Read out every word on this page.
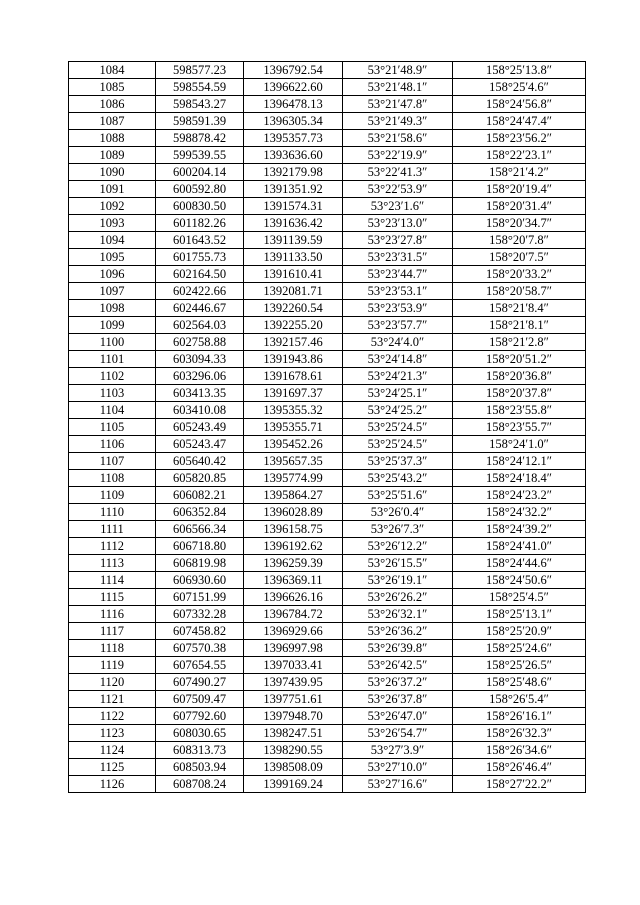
1084	598577.23	1396792.54	53°21′48.9″	158°25′13.8″
1085	598554.59	1396622.60	53°21′48.1″	158°25′4.6″
1086	598543.27	1396478.13	53°21′47.8″	158°24′56.8″
1087	598591.39	1396305.34	53°21′49.3″	158°24′47.4″
1088	598878.42	1395357.73	53°21′58.6″	158°23′56.2″
1089	599539.55	1393636.60	53°22′19.9″	158°22′23.1″
1090	600204.14	1392179.98	53°22′41.3″	158°21′4.2″
1091	600592.80	1391351.92	53°22′53.9″	158°20′19.4″
1092	600830.50	1391574.31	53°23′1.6″	158°20′31.4″
1093	601182.26	1391636.42	53°23′13.0″	158°20′34.7″
1094	601643.52	1391139.59	53°23′27.8″	158°20′7.8″
1095	601755.73	1391133.50	53°23′31.5″	158°20′7.5″
1096	602164.50	1391610.41	53°23′44.7″	158°20′33.2″
1097	602422.66	1392081.71	53°23′53.1″	158°20′58.7″
1098	602446.67	1392260.54	53°23′53.9″	158°21′8.4″
1099	602564.03	1392255.20	53°23′57.7″	158°21′8.1″
1100	602758.88	1392157.46	53°24′4.0″	158°21′2.8″
1101	603094.33	1391943.86	53°24′14.8″	158°20′51.2″
1102	603296.06	1391678.61	53°24′21.3″	158°20′36.8″
1103	603413.35	1391697.37	53°24′25.1″	158°20′37.8″
1104	603410.08	1395355.32	53°24′25.2″	158°23′55.8″
1105	605243.49	1395355.71	53°25′24.5″	158°23′55.7″
1106	605243.47	1395452.26	53°25′24.5″	158°24′1.0″
1107	605640.42	1395657.35	53°25′37.3″	158°24′12.1″
1108	605820.85	1395774.99	53°25′43.2″	158°24′18.4″
1109	606082.21	1395864.27	53°25′51.6″	158°24′23.2″
1110	606352.84	1396028.89	53°26′0.4″	158°24′32.2″
1111	606566.34	1396158.75	53°26′7.3″	158°24′39.2″
1112	606718.80	1396192.62	53°26′12.2″	158°24′41.0″
1113	606819.98	1396259.39	53°26′15.5″	158°24′44.6″
1114	606930.60	1396369.11	53°26′19.1″	158°24′50.6″
1115	607151.99	1396626.16	53°26′26.2″	158°25′4.5″
1116	607332.28	1396784.72	53°26′32.1″	158°25′13.1″
1117	607458.82	1396929.66	53°26′36.2″	158°25′20.9″
1118	607570.38	1396997.98	53°26′39.8″	158°25′24.6″
1119	607654.55	1397033.41	53°26′42.5″	158°25′26.5″
1120	607490.27	1397439.95	53°26′37.2″	158°25′48.6″
1121	607509.47	1397751.61	53°26′37.8″	158°26′5.4″
1122	607792.60	1397948.70	53°26′47.0″	158°26′16.1″
1123	608030.65	1398247.51	53°26′54.7″	158°26′32.3″
1124	608313.73	1398290.55	53°27′3.9″	158°26′34.6″
1125	608503.94	1398508.09	53°27′10.0″	158°26′46.4″
1126	608708.24	1399169.24	53°27′16.6″	158°27′22.2″
